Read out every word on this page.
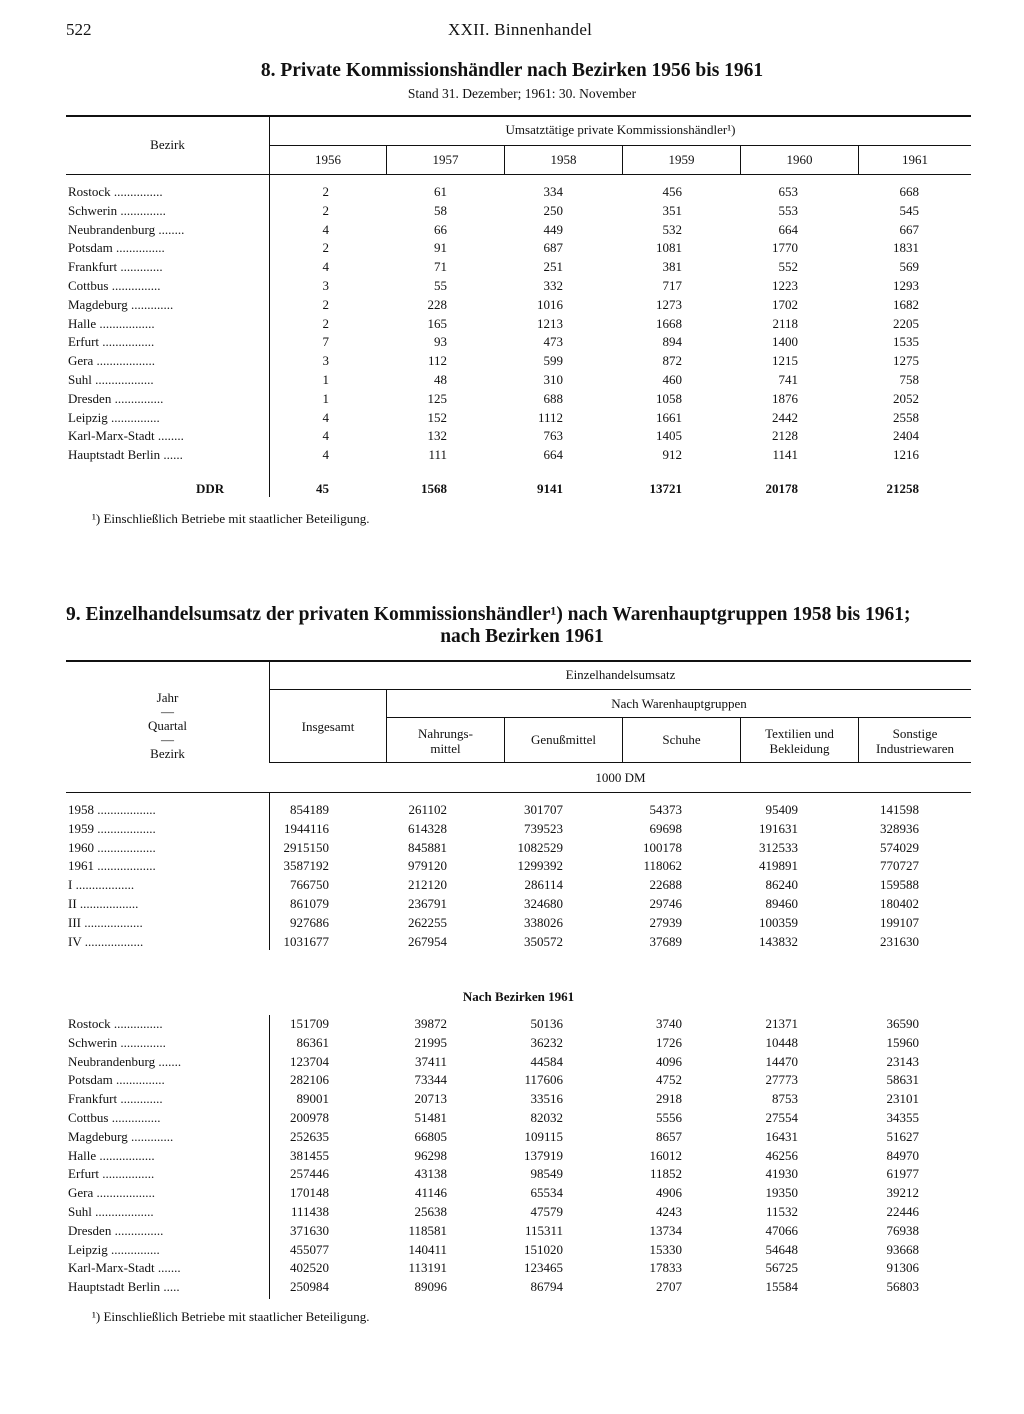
522	XXII. Binnenhandel
8. Private Kommissionshändler nach Bezirken 1956 bis 1961
Stand 31. Dezember; 1961: 30. November
Bezirk
Umsatztätige private Kommissionshändler¹)
1956	1957	1958	1959	1960	1961
Rostock ...............	2	61	334	456	653	668
Schwerin ..............	2	58	250	351	553	545
Neubrandenburg ........	4	66	449	532	664	667
Potsdam ...............	2	91	687	1081	1770	1831
Frankfurt .............	4	71	251	381	552	569
Cottbus ...............	3	55	332	717	1223	1293
Magdeburg .............	2	228	1016	1273	1702	1682
Halle .................	2	165	1213	1668	2118	2205
Erfurt ................	7	93	473	894	1400	1535
Gera ..................	3	112	599	872	1215	1275
Suhl ..................	1	48	310	460	741	758
Dresden ...............	1	125	688	1058	1876	2052
Leipzig ...............	4	152	1112	1661	2442	2558
Karl-Marx-Stadt ........	4	132	763	1405	2128	2404
Hauptstadt Berlin ......	4	111	664	912	1141	1216
DDR	45	1568	9141	13721	20178	21258
¹) Einschließlich Betriebe mit staatlicher Beteiligung.
9. Einzelhandelsumsatz der privaten Kommissionshändler¹) nach Warenhauptgruppen 1958 bis 1961;
nach Bezirken 1961
Jahr
—
Quartal
—
Bezirk
Einzelhandelsumsatz
Insgesamt
Nach Warenhauptgruppen
Nahrungs-
mittel
Genußmittel	Schuhe	Textilien und
Bekleidung
Sonstige
Industriewaren
1000 DM
1958 ..................	854189	261102	301707	54373	95409	141598
1959 ..................	1944116	614328	739523	69698	191631	328936
1960 ..................	2915150	845881	1082529	100178	312533	574029
1961 ..................	3587192	979120	1299392	118062	419891	770727
I ..................	766750	212120	286114	22688	86240	159588
II ..................	861079	236791	324680	29746	89460	180402
III ..................	927686	262255	338026	27939	100359	199107
IV ..................	1031677	267954	350572	37689	143832	231630
Nach Bezirken 1961
Rostock ...............	151709	39872	50136	3740	21371	36590
Schwerin ..............	86361	21995	36232	1726	10448	15960
Neubrandenburg .......	123704	37411	44584	4096	14470	23143
Potsdam ...............	282106	73344	117606	4752	27773	58631
Frankfurt .............	89001	20713	33516	2918	8753	23101
Cottbus ...............	200978	51481	82032	5556	27554	34355
Magdeburg .............	252635	66805	109115	8657	16431	51627
Halle .................	381455	96298	137919	16012	46256	84970
Erfurt ................	257446	43138	98549	11852	41930	61977
Gera ..................	170148	41146	65534	4906	19350	39212
Suhl ..................	111438	25638	47579	4243	11532	22446
Dresden ...............	371630	118581	115311	13734	47066	76938
Leipzig ...............	455077	140411	151020	15330	54648	93668
Karl-Marx-Stadt .......	402520	113191	123465	17833	56725	91306
Hauptstadt Berlin .....	250984	89096	86794	2707	15584	56803
¹) Einschließlich Betriebe mit staatlicher Beteiligung.
